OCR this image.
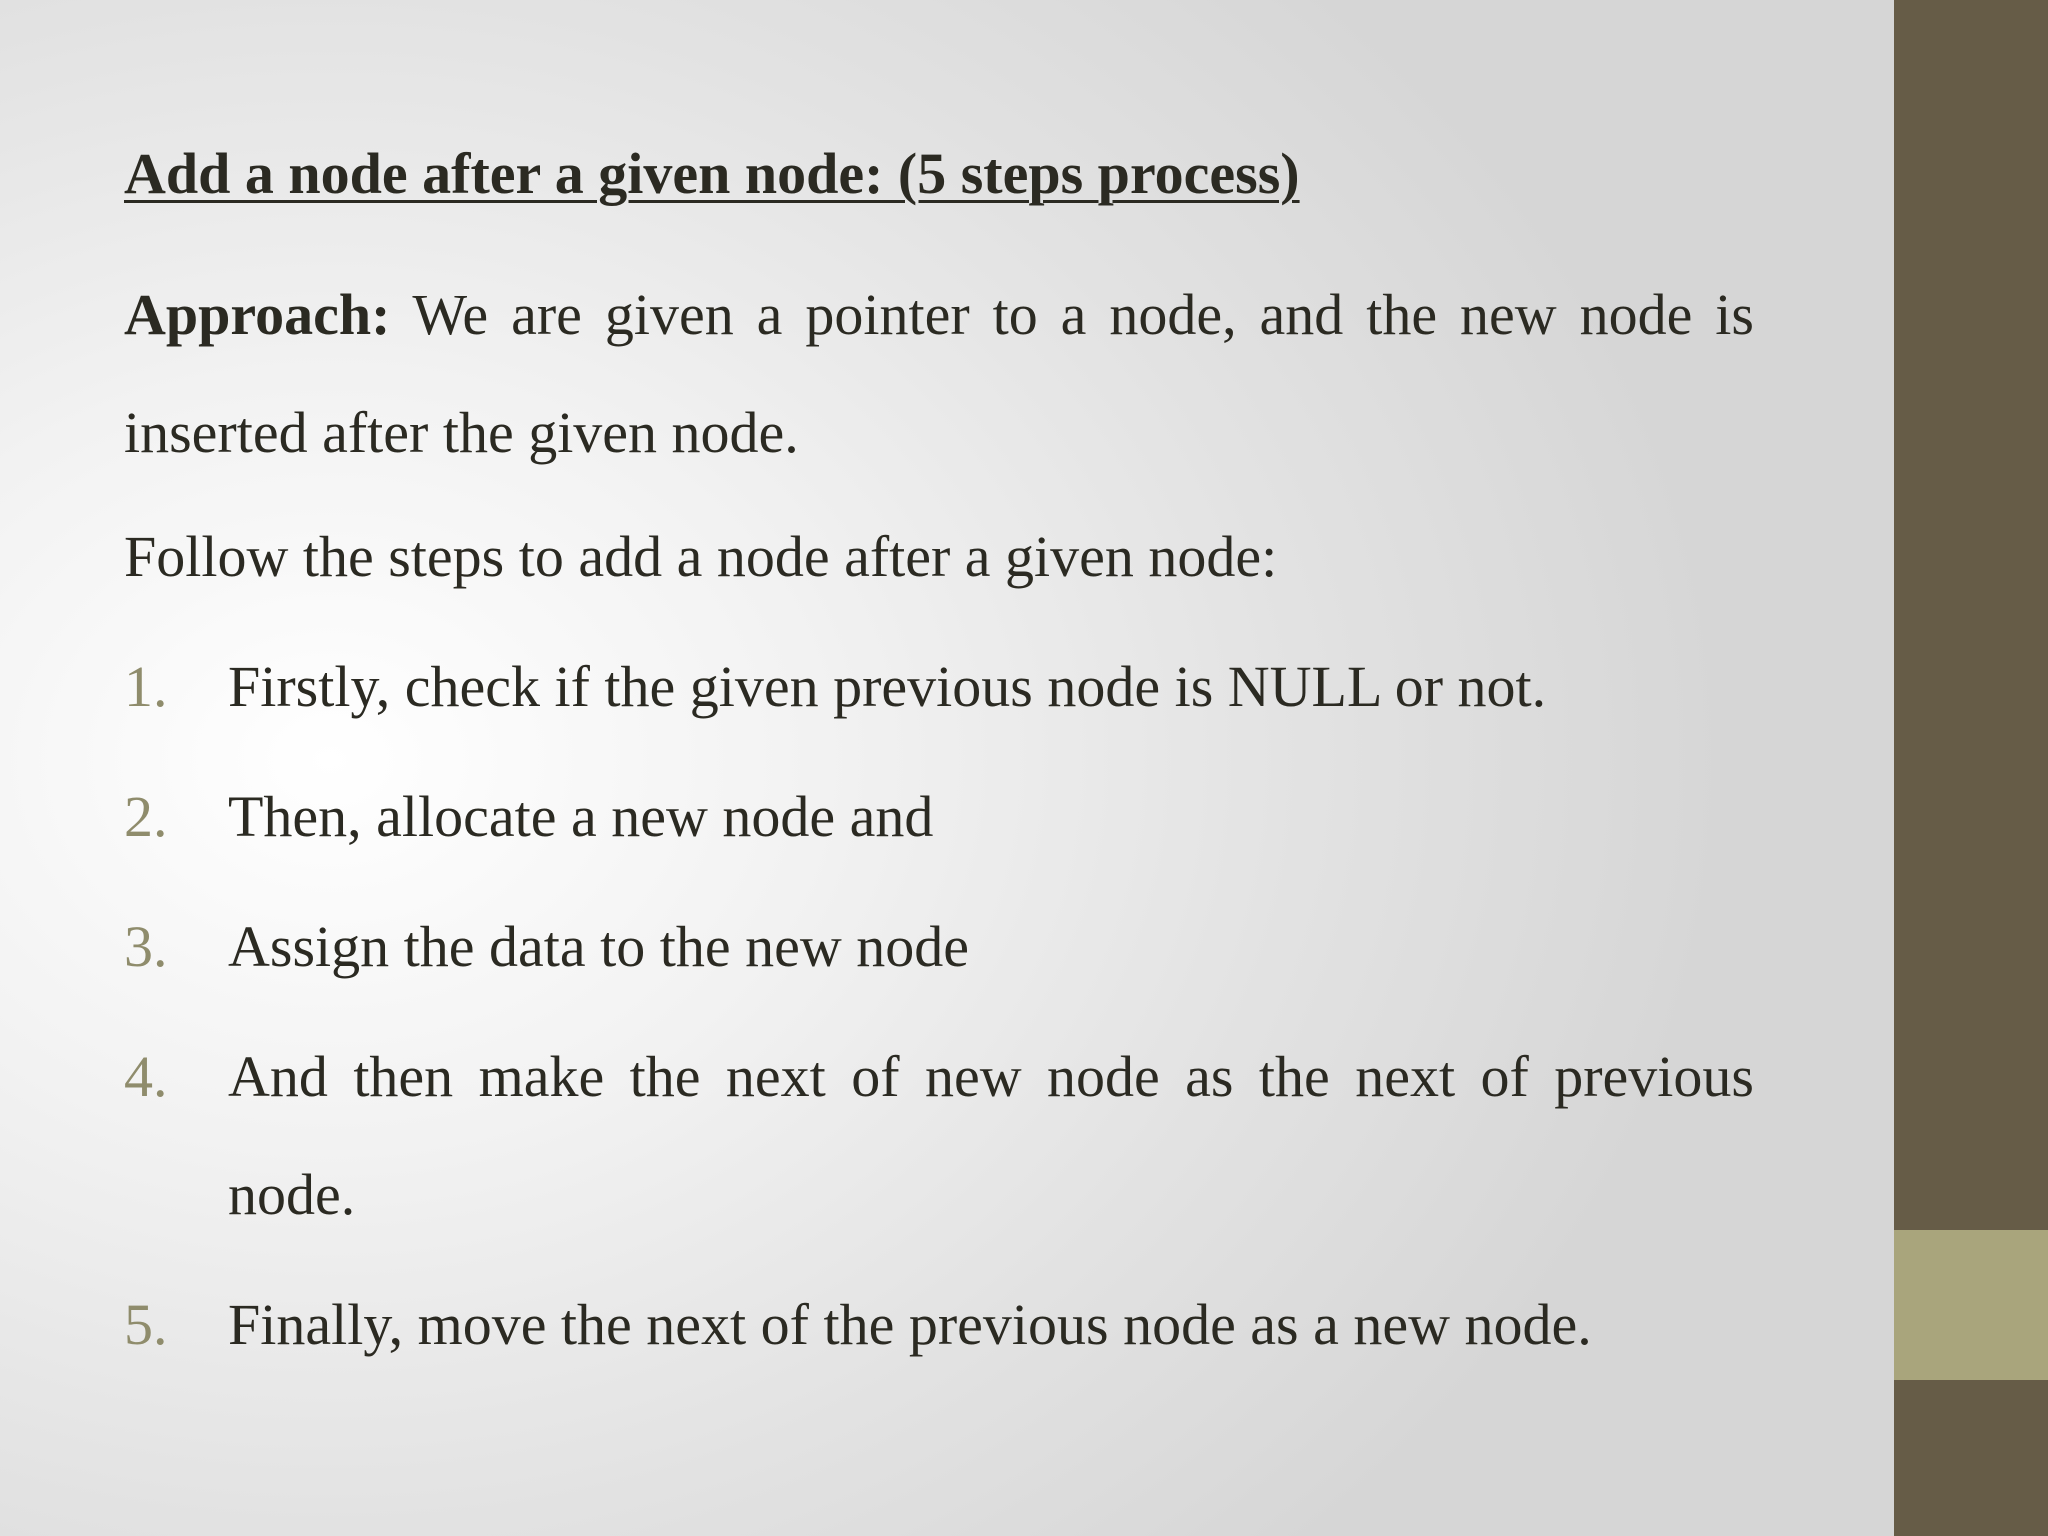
Add a node after a given node: (5 steps process)

Approach: We are given a pointer to a node, and the new node is inserted after the given node.

Follow the steps to add a node after a given node:

1. Firstly, check if the given previous node is NULL or not.
2. Then, allocate a new node and
3. Assign the data to the new node
4. And then make the next of new node as the next of previous node.
5. Finally, move the next of the previous node as a new node.
